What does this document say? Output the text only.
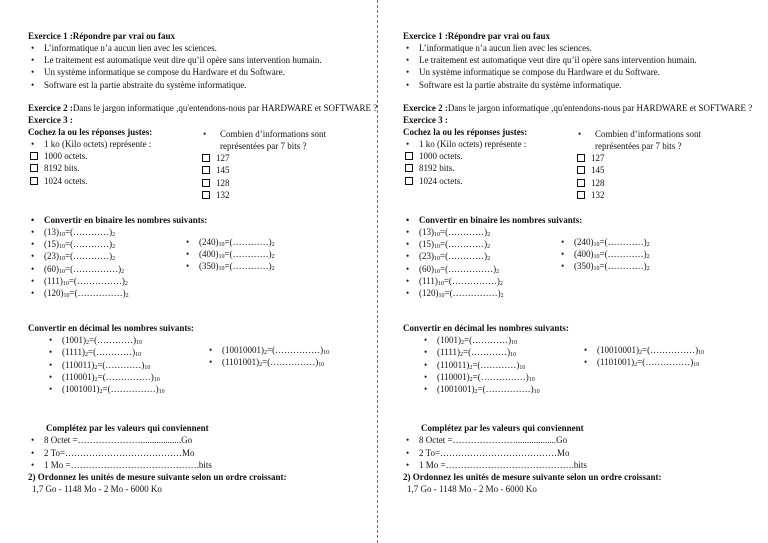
Exercice 1 :Répondre par vrai ou faux
• L’informatique n’a aucun lien avec les sciences.
• Le traitement est automatique veut dire qu’il opère sans intervention humain.
• Un système informatique se compose du Hardware et du Software.
• Software est la partie abstraite du système informatique.
Exercice 2 :Dans le jargon informatique ,qu'entendons-nous par HARDWARE et SOFTWARE ?
Exercice 3 :
Cochez la ou les réponses justes:
• 1 ko (Kilo octets) représente :
1000 octets.
8192 bits.
1024 octets.
• Combien d’informations sont représentées par 7 bits ?
127
145
128
132
• Convertir en binaire les nombres suivants:
• $(13)_{10}=(\dots\dots\dots\dots)_2$
• $(15)_{10}=(\dots\dots\dots\dots)_2$
• $(23)_{10}=(\dots\dots\dots\dots)_2$
• $(60)_{10}=(\dots\dots\dots\dots\dots)_2$
• $(111)_{10}=(\dots\dots\dots\dots\dots)_2$
• $(120)_{10}=(\dots\dots\dots\dots\dots)_2$
• $(240)_{10}=(\dots\dots\dots\dots)_2$
• $(400)_{10}=(\dots\dots\dots\dots)_2$
• $(350)_{10}=(\dots\dots\dots\dots)_2$
Convertir en décimal les nombres suivants:
• $(1001)_2=(\dots\dots\dots\dots)_{10}$
• $(1111)_2=(\dots\dots\dots\dots)_{10}$
• $(110011)_2=(\dots\dots\dots\dots)_{10}$
• $(110001)_2=(\dots\dots\dots\dots\dots)_{10}$
• $(1001001)_2=(\dots\dots\dots\dots\dots)_{10}$
• $(10010001)_2=(\dots\dots\dots\dots\dots)_{10}$
• $(1101001)_2=(\dots\dots\dots\dots\dots)_{10}$
Complétez par les valeurs qui conviennent
• 8 Octet =…………………..................Go
• 2 To=…………………………………Mo
• 1 Mo =…………………………………….bits
2) Ordonnez les unités de mesure suivante selon un ordre croissant:
1,7 Go - 1148 Mo - 2 Mo - 6000 Ko
Exercice 1 :Répondre par vrai ou faux
• L’informatique n’a aucun lien avec les sciences.
• Le traitement est automatique veut dire qu’il opère sans intervention humain.
• Un système informatique se compose du Hardware et du Software.
• Software est la partie abstraite du système informatique.
Exercice 2 :Dans le jargon informatique ,qu'entendons-nous par HARDWARE et SOFTWARE ?
Exercice 3 :
Cochez la ou les réponses justes:
• 1 ko (Kilo octets) représente :
1000 octets.
8192 bits.
1024 octets.
• Combien d’informations sont représentées par 7 bits ?
127
145
128
132
• Convertir en binaire les nombres suivants:
• $(13)_{10}=(\dots\dots\dots\dots)_2$
• $(15)_{10}=(\dots\dots\dots\dots)_2$
• $(23)_{10}=(\dots\dots\dots\dots)_2$
• $(60)_{10}=(\dots\dots\dots\dots\dots)_2$
• $(111)_{10}=(\dots\dots\dots\dots\dots)_2$
• $(120)_{10}=(\dots\dots\dots\dots\dots)_2$
• $(240)_{10}=(\dots\dots\dots\dots)_2$
• $(400)_{10}=(\dots\dots\dots\dots)_2$
• $(350)_{10}=(\dots\dots\dots\dots)_2$
Convertir en décimal les nombres suivants:
• $(1001)_2=(\dots\dots\dots\dots)_{10}$
• $(1111)_2=(\dots\dots\dots\dots)_{10}$
• $(110011)_2=(\dots\dots\dots\dots)_{10}$
• $(110001)_2=(\dots\dots\dots\dots\dots)_{10}$
• $(1001001)_2=(\dots\dots\dots\dots\dots)_{10}$
• $(10010001)_2=(\dots\dots\dots\dots\dots)_{10}$
• $(1101001)_2=(\dots\dots\dots\dots\dots)_{10}$
Complétez par les valeurs qui conviennent
• 8 Octet =…………………..................Go
• 2 To=…………………………………Mo
• 1 Mo =…………………………………….bits
2) Ordonnez les unités de mesure suivante selon un ordre croissant:
1,7 Go - 1148 Mo - 2 Mo - 6000 Ko
